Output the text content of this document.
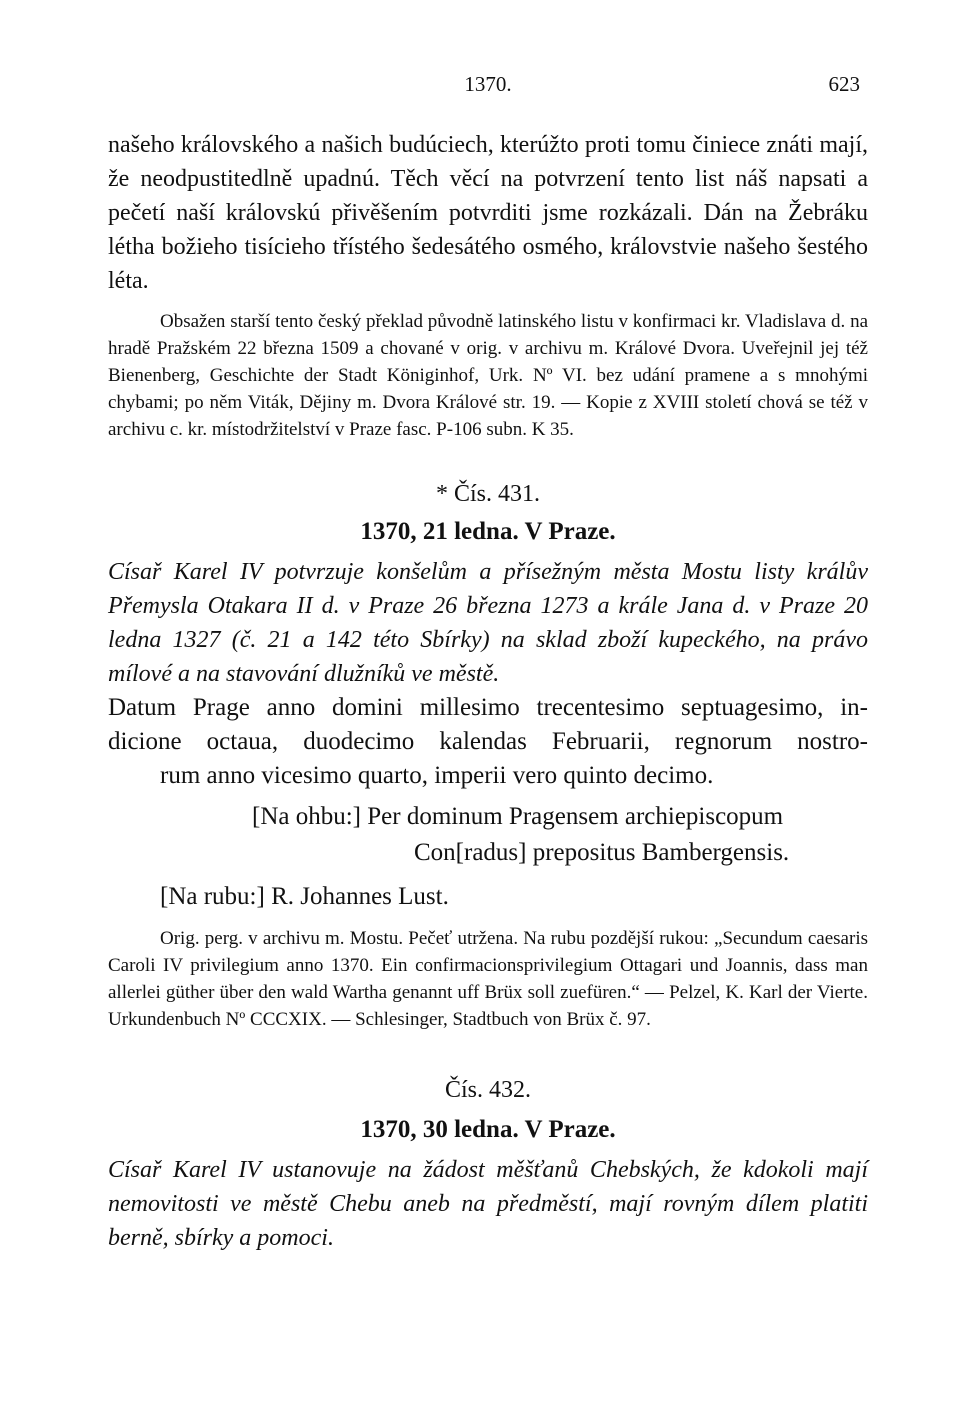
1370.	623

našeho královského a našich budúciech, kterúžto proti tomu činiece znáti mají, že neodpustitedlně upadnú. Těch věcí na potvrzení tento list náš napsati a pečetí naší královskú přivěšením potvrditi jsme rozkázali. Dán na Žebráku létha božieho tisícieho třístého šedesátého osmého, královstvie našeho šestého léta.

Obsažen starší tento český překlad původně latinského listu v konfirmaci kr. Vladislava d. na hradě Pražském 22 března 1509 a chované v orig. v archivu m. Králové Dvora. Uveřejnil jej též Bienenberg, Geschichte der Stadt Königinhof, Urk. Nº VI. bez udání pramene a s mnohými chybami; po něm Viták, Dějiny m. Dvora Králové str. 19. — Kopie z XVIII století chová se též v archivu c. kr. místodržitelství v Praze fasc. P-106 subn. K 35.

* Čís. 431.
1370, 21 ledna. V Praze.

Císař Karel IV potvrzuje konšelům a přísežným města Mostu listy králův Přemysla Otakara II d. v Praze 26 března 1273 a krále Jana d. v Praze 20 ledna 1327 (č. 21 a 142 této Sbírky) na sklad zboží kupeckého, na právo mílové a na stavování dlužníků ve městě.

Datum Prage anno domini millesimo trecentesimo septuagesimo, in-
dicione octaua, duodecimo kalendas Februarii, regnorum nostro-
rum anno vicesimo quarto, imperii vero quinto decimo.
[Na ohbu:] Per dominum Pragensem archiepiscopum
Con[radus] prepositus Bambergensis.
[Na rubu:] R. Johannes Lust.

Orig. perg. v archivu m. Mostu. Pečeť utržena. Na rubu pozdější rukou: „Secundum caesaris Caroli IV privilegium anno 1370. Ein confirmacionsprivilegium Ottagari und Joannis, dass man allerlei güther über den wald Wartha genannt uff Brüx soll zuefüren.“ — Pelzel, K. Karl der Vierte. Urkundenbuch Nº CCCXIX. — Schlesinger, Stadtbuch von Brüx č. 97.

Čís. 432.
1370, 30 ledna. V Praze.

Císař Karel IV ustanovuje na žádost měšťanů Chebských, že kdokoli mají nemovitosti ve městě Chebu aneb na předměstí, mají rovným dílem platiti berně, sbírky a pomoci.
